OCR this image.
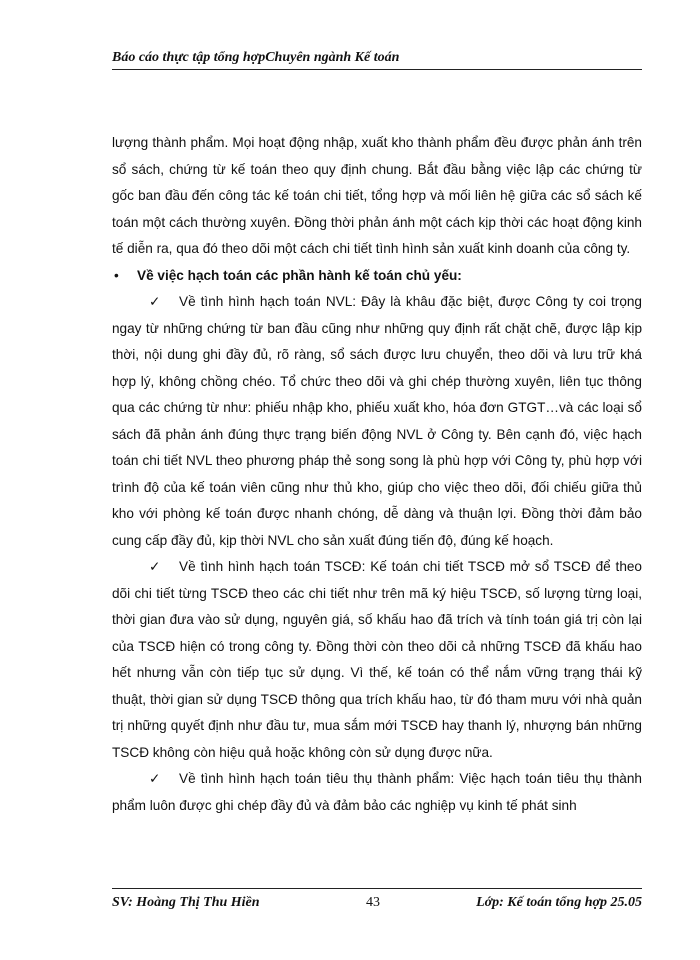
Báo cáo thực tập tổng hợpChuyên ngành Kế toán

lượng thành phẩm. Mọi hoạt động nhập, xuất kho thành phẩm đều được phản ánh trên sổ sách, chứng từ kế toán theo quy định chung. Bắt đầu bằng việc lập các chứng từ gốc ban đầu đến công tác kế toán chi tiết, tổng hợp và mối liên hệ giữa các sổ sách kế toán một cách thường xuyên. Đồng thời phản ánh một cách kịp thời các hoạt động kinh tế diễn ra, qua đó theo dõi một cách chi tiết tình hình sản xuất kinh doanh của công ty.

• Về việc hạch toán các phần hành kế toán chủ yếu:

✓ Về tình hình hạch toán NVL: Đây là khâu đặc biệt, được Công ty coi trọng ngay từ những chứng từ ban đầu cũng như những quy định rất chặt chẽ, được lập kịp thời, nội dung ghi đầy đủ, rõ ràng, sổ sách được lưu chuyển, theo dõi và lưu trữ khá hợp lý, không chồng chéo. Tổ chức theo dõi và ghi chép thường xuyên, liên tục thông qua các chứng từ như: phiếu nhập kho, phiếu xuất kho, hóa đơn GTGT…và các loại sổ sách đã phản ánh đúng thực trạng biến động NVL ở Công ty. Bên cạnh đó, việc hạch toán chi tiết NVL theo phương pháp thẻ song song là phù hợp với Công ty, phù hợp với trình độ của kế toán viên cũng như thủ kho, giúp cho việc theo dõi, đối chiếu giữa thủ kho với phòng kế toán được nhanh chóng, dễ dàng và thuận lợi. Đồng thời đảm bảo cung cấp đầy đủ, kịp thời NVL cho sản xuất đúng tiến độ, đúng kế hoạch.

✓ Về tình hình hạch toán TSCĐ: Kế toán chi tiết TSCĐ mở sổ TSCĐ để theo dõi chi tiết từng TSCĐ theo các chi tiết như trên mã ký hiệu TSCĐ, số lượng từng loại, thời gian đưa vào sử dụng, nguyên giá, số khấu hao đã trích và tính toán giá trị còn lại của TSCĐ hiện có trong công ty. Đồng thời còn theo dõi cả những TSCĐ đã khấu hao hết nhưng vẫn còn tiếp tục sử dụng. Vì thế, kế toán có thể nắm vững trạng thái kỹ thuật, thời gian sử dụng TSCĐ thông qua trích khấu hao, từ đó tham mưu với nhà quản trị những quyết định như đầu tư, mua sắm mới TSCĐ hay thanh lý, nhượng bán những TSCĐ không còn hiệu quả hoặc không còn sử dụng được nữa.

✓ Về tình hình hạch toán tiêu thụ thành phẩm: Việc hạch toán tiêu thụ thành phẩm luôn được ghi chép đầy đủ và đảm bảo các nghiệp vụ kinh tế phát sinh

SV: Hoàng Thị Thu Hiền	43	Lớp: Kế toán tổng hợp 25.05
